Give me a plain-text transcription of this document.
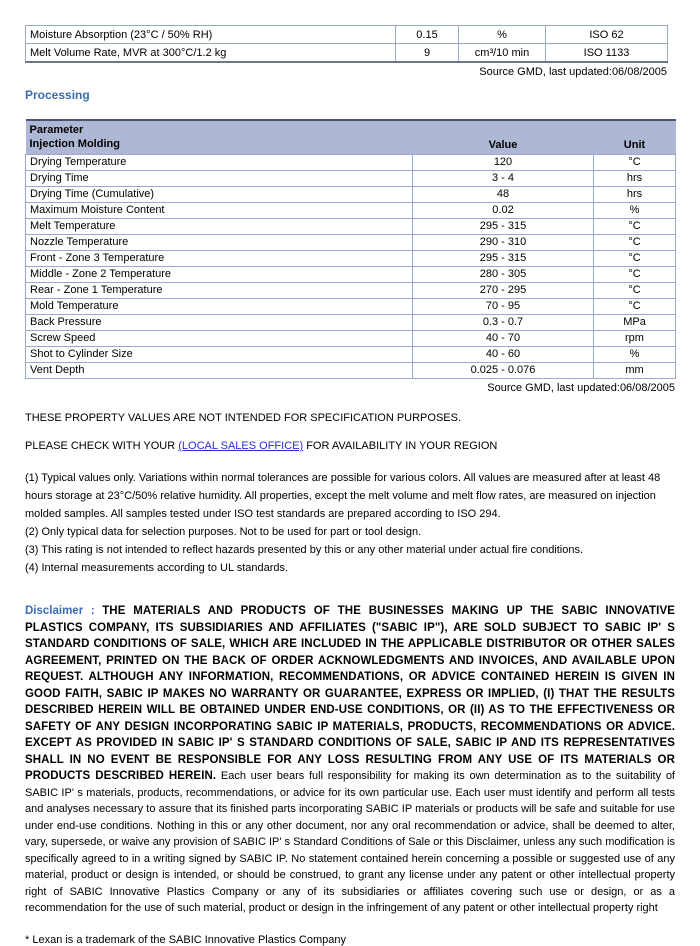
Moisture Absorption (23°C / 50% RH)	0.15	%	ISO 62
Melt Volume Rate, MVR at 300°C/1.2 kg	9	cm³/10 min	ISO 1133
Source GMD, last updated:06/08/2005
Processing
Parameter
Injection Molding	Value	Unit
Drying Temperature	120	°C
Drying Time	3 - 4	hrs
Drying Time (Cumulative)	48	hrs
Maximum Moisture Content	0.02	%
Melt Temperature	295 - 315	°C
Nozzle Temperature	290 - 310	°C
Front - Zone 3 Temperature	295 - 315	°C
Middle - Zone 2 Temperature	280 - 305	°C
Rear - Zone 1 Temperature	270 - 295	°C
Mold Temperature	70 - 95	°C
Back Pressure	0.3 - 0.7	MPa
Screw Speed	40 - 70	rpm
Shot to Cylinder Size	40 - 60	%
Vent Depth	0.025 - 0.076	mm
Source GMD, last updated:06/08/2005

THESE PROPERTY VALUES ARE NOT INTENDED FOR SPECIFICATION PURPOSES.

PLEASE CHECK WITH YOUR (LOCAL SALES OFFICE) FOR AVAILABILITY IN YOUR REGION

(1) Typical values only. Variations within normal tolerances are possible for various colors. All values are measured after at least 48 hours storage at 23°C/50% relative humidity. All properties, except the melt volume and melt flow rates, are measured on injection molded samples. All samples tested under ISO test standards are prepared according to ISO 294.

(2) Only typical data for selection purposes. Not to be used for part or tool design.

(3) This rating is not intended to reflect hazards presented by this or any other material under actual fire conditions.

(4) Internal measurements according to UL standards.

Disclaimer : THE MATERIALS AND PRODUCTS OF THE BUSINESSES MAKING UP THE SABIC INNOVATIVE PLASTICS COMPANY, ITS SUBSIDIARIES AND AFFILIATES ("SABIC IP"), ARE SOLD SUBJECT TO SABIC IP' S STANDARD CONDITIONS OF SALE, WHICH ARE INCLUDED IN THE APPLICABLE DISTRIBUTOR OR OTHER SALES AGREEMENT, PRINTED ON THE BACK OF ORDER ACKNOWLEDGMENTS AND INVOICES, AND AVAILABLE UPON REQUEST. ALTHOUGH ANY INFORMATION, RECOMMENDATIONS, OR ADVICE CONTAINED HEREIN IS GIVEN IN GOOD FAITH, SABIC IP MAKES NO WARRANTY OR GUARANTEE, EXPRESS OR IMPLIED, (I) THAT THE RESULTS DESCRIBED HEREIN WILL BE OBTAINED UNDER END-USE CONDITIONS, OR (II) AS TO THE EFFECTIVENESS OR SAFETY OF ANY DESIGN INCORPORATING SABIC IP MATERIALS, PRODUCTS, RECOMMENDATIONS OR ADVICE. EXCEPT AS PROVIDED IN SABIC IP' S STANDARD CONDITIONS OF SALE, SABIC IP AND ITS REPRESENTATIVES SHALL IN NO EVENT BE RESPONSIBLE FOR ANY LOSS RESULTING FROM ANY USE OF ITS MATERIALS OR PRODUCTS DESCRIBED HEREIN. Each user bears full responsibility for making its own determination as to the suitability of SABIC IP' s materials, products, recommendations, or advice for its own particular use. Each user must identify and perform all tests and analyses necessary to assure that its finished parts incorporating SABIC IP materials or products will be safe and suitable for use under end-use conditions. Nothing in this or any other document, nor any oral recommendation or advice, shall be deemed to alter, vary, supersede, or waive any provision of SABIC IP' s Standard Conditions of Sale or this Disclaimer, unless any such modification is specifically agreed to in a writing signed by SABIC IP. No statement contained herein concerning a possible or suggested use of any material, product or design is intended, or should be construed, to grant any license under any patent or other intellectual property right of SABIC Innovative Plastics Company or any of its subsidiaries or affiliates covering such use or design, or as a recommendation for the use of such material, product or design in the infringement of any patent or other intellectual property right

* Lexan is a trademark of the SABIC Innovative Plastics Company
